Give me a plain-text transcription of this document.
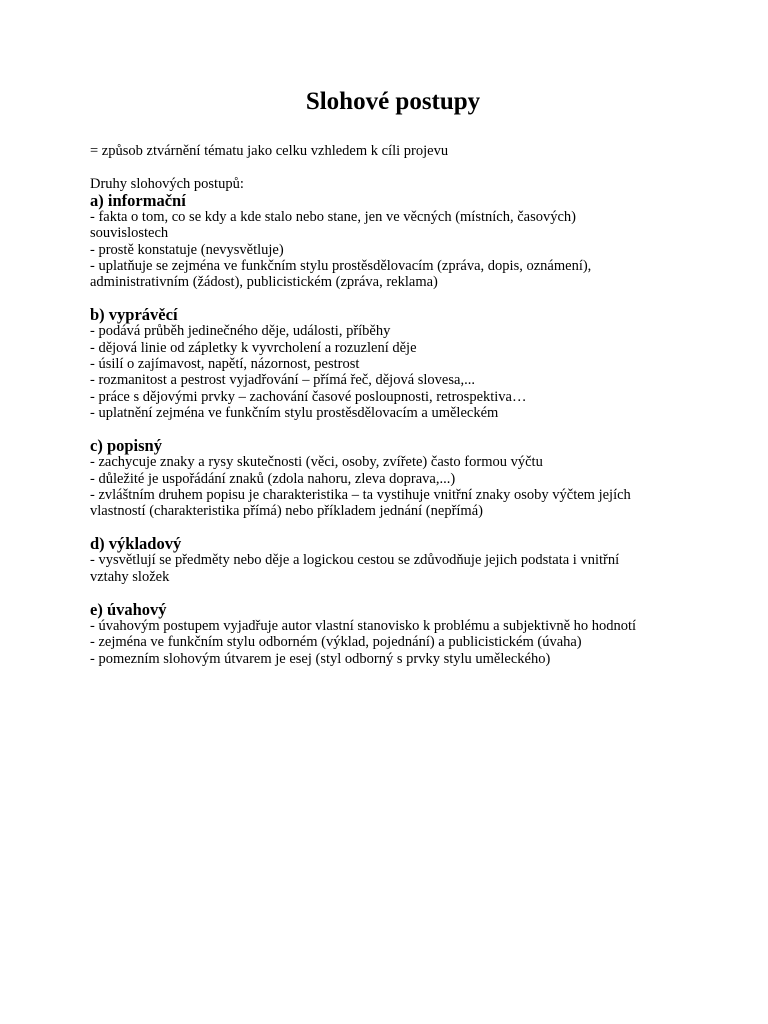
Slohové postupy

= způsob ztvárnění tématu jako celku vzhledem k cíli projevu

Druhy slohových postupů:

a) informační

- fakta o tom, co se kdy a kde stalo nebo stane, jen ve věcných (místních, časových)

souvislostech

- prostě konstatuje (nevysvětluje)

- uplatňuje se zejména ve funkčním stylu prostěsdělovacím (zpráva, dopis, oznámení),

administrativním (žádost), publicistickém (zpráva, reklama)

b) vyprávěcí

- podává průběh jedinečného děje, události, příběhy

- dějová linie od zápletky k vyvrcholení a rozuzlení děje

- úsilí o zajímavost, napětí, názornost, pestrost

- rozmanitost a pestrost vyjadřování – přímá řeč, dějová slovesa,...

- práce s dějovými prvky – zachování časové posloupnosti, retrospektiva…

- uplatnění zejména ve funkčním stylu prostěsdělovacím a uměleckém

c) popisný

- zachycuje znaky a rysy skutečnosti (věci, osoby, zvířete) často formou výčtu

- důležité je uspořádání znaků (zdola nahoru, zleva doprava,...)

- zvláštním druhem popisu je charakteristika – ta vystihuje vnitřní znaky osoby výčtem jejích

vlastností (charakteristika přímá) nebo příkladem jednání (nepřímá)

d) výkladový

- vysvětlují se předměty nebo děje a logickou cestou se zdůvodňuje jejich podstata i vnitřní

vztahy složek

e) úvahový

- úvahovým postupem vyjadřuje autor vlastní stanovisko k problému a subjektivně ho hodnotí

- zejména ve funkčním stylu odborném (výklad, pojednání) a publicistickém (úvaha)

- pomezním slohovým útvarem je esej (styl odborný s prvky stylu uměleckého)
